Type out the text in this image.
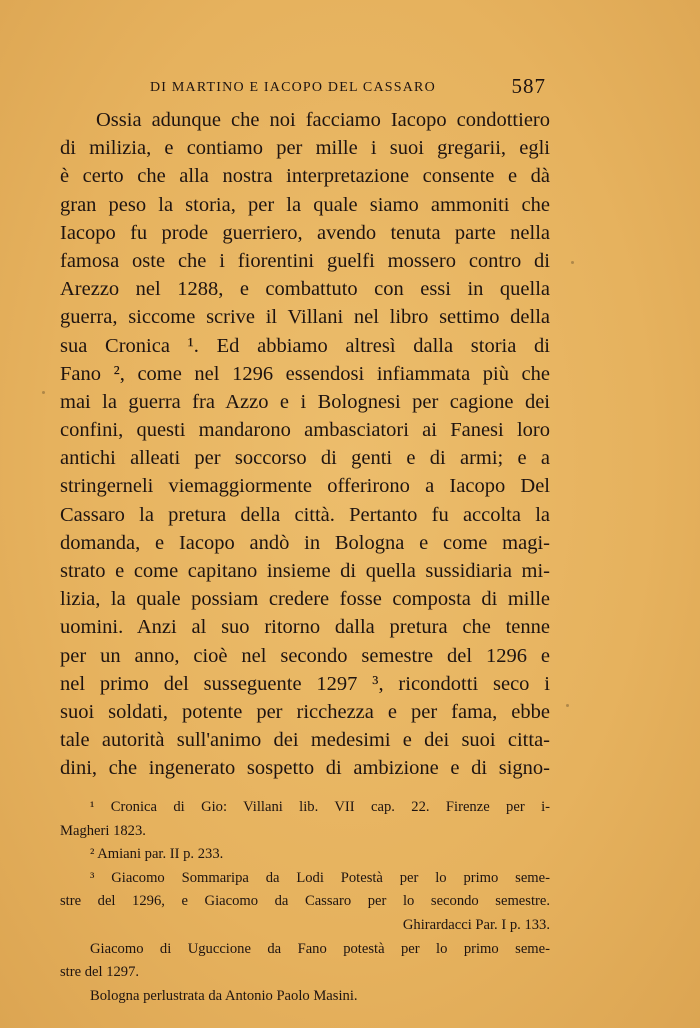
DI MARTINO E IACOPO DEL CASSARO	587
Ossia adunque che noi facciamo Iacopo condottiero
di milizia, e contiamo per mille i suoi gregarii, egli
è certo che alla nostra interpretazione consente e dà
gran peso la storia, per la quale siamo ammoniti che
Iacopo fu prode guerriero, avendo tenuta parte nella
famosa oste che i fiorentini guelfi mossero contro di
Arezzo nel 1288, e combattuto con essi in quella
guerra, siccome scrive il Villani nel libro settimo della
sua Cronica ¹. Ed abbiamo altresì dalla storia di
Fano ², come nel 1296 essendosi infiammata più che
mai la guerra fra Azzo e i Bolognesi per cagione dei
confini, questi mandarono ambasciatori ai Fanesi loro
antichi alleati per soccorso di genti e di armi; e a
stringerneli viemaggiormente offerirono a Iacopo Del
Cassaro la pretura della città. Pertanto fu accolta la
domanda, e Iacopo andò in Bologna e come magi-
strato e come capitano insieme di quella sussidiaria mi-
lizia, la quale possiam credere fosse composta di mille
uomini. Anzi al suo ritorno dalla pretura che tenne
per un anno, cioè nel secondo semestre del 1296 e
nel primo del susseguente 1297 ³, ricondotti seco i
suoi soldati, potente per ricchezza e per fama, ebbe
tale autorità sull'animo dei medesimi e dei suoi citta-
dini, che ingenerato sospetto di ambizione e di signo-
¹ Cronica di Gio: Villani lib. VII cap. 22. Firenze per i-
Magheri 1823.
² Amiani par. II p. 233.
³ Giacomo Sommaripa da Lodi Potestà per lo primo seme-
stre del 1296, e Giacomo da Cassaro per lo secondo semestre.
Ghirardacci Par. I p. 133.
Giacomo di Uguccione da Fano potestà per lo primo seme-
stre del 1297.
Bologna perlustrata da Antonio Paolo Masini.
